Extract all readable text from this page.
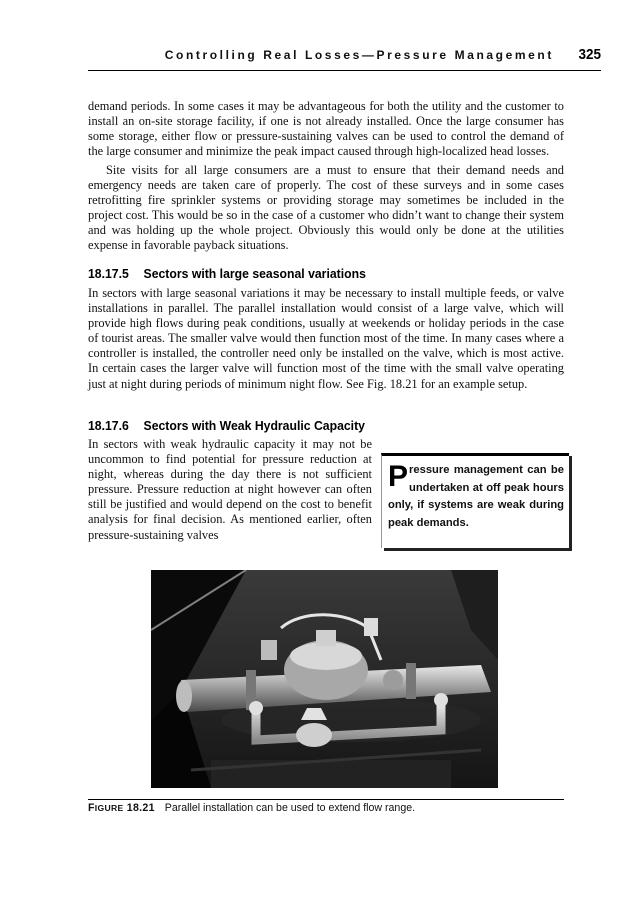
Controlling Real Losses—Pressure Management 325

demand periods. In some cases it may be advantageous for both the utility and the customer to install an on-site storage facility, if one is not already installed. Once the large consumer has some storage, either flow or pressure-sustaining valves can be used to control the demand of the large consumer and minimize the peak impact caused through high-localized head losses.

Site visits for all large consumers are a must to ensure that their demand needs and emergency needs are taken care of properly. The cost of these surveys and in some cases retrofitting fire sprinkler systems or providing storage may sometimes be included in the project cost. This would be so in the case of a customer who didn’t want to change their system and was holding up the whole project. Obviously this would only be done at the utilities expense in favorable payback situations.

18.17.5 Sectors with large seasonal variations

In sectors with large seasonal variations it may be necessary to install multiple feeds, or valve installations in parallel. The parallel installation would consist of a large valve, which will provide high flows during peak conditions, usually at weekends or holiday periods in the case of tourist areas. The smaller valve would then function most of the time. In many cases where a controller is installed, the controller need only be installed on the valve, which is most active. In certain cases the larger valve will function most of the time with the small valve operating just at night during periods of minimum night flow. See Fig. 18.21 for an example setup.

18.17.6 Sectors with Weak Hydraulic Capacity

In sectors with weak hydraulic capacity it may not be uncommon to find potential for pressure reduction at night, whereas during the day there is not sufficient pressure. Pressure reduction at night however can often still be justified and would depend on the cost to benefit analysis for final decision. As mentioned earlier, often pressure-sustaining valves

Pressure management can be undertaken at off peak hours only, if systems are weak during peak demands.

FIGURE 18.21 Parallel installation can be used to extend flow range.
